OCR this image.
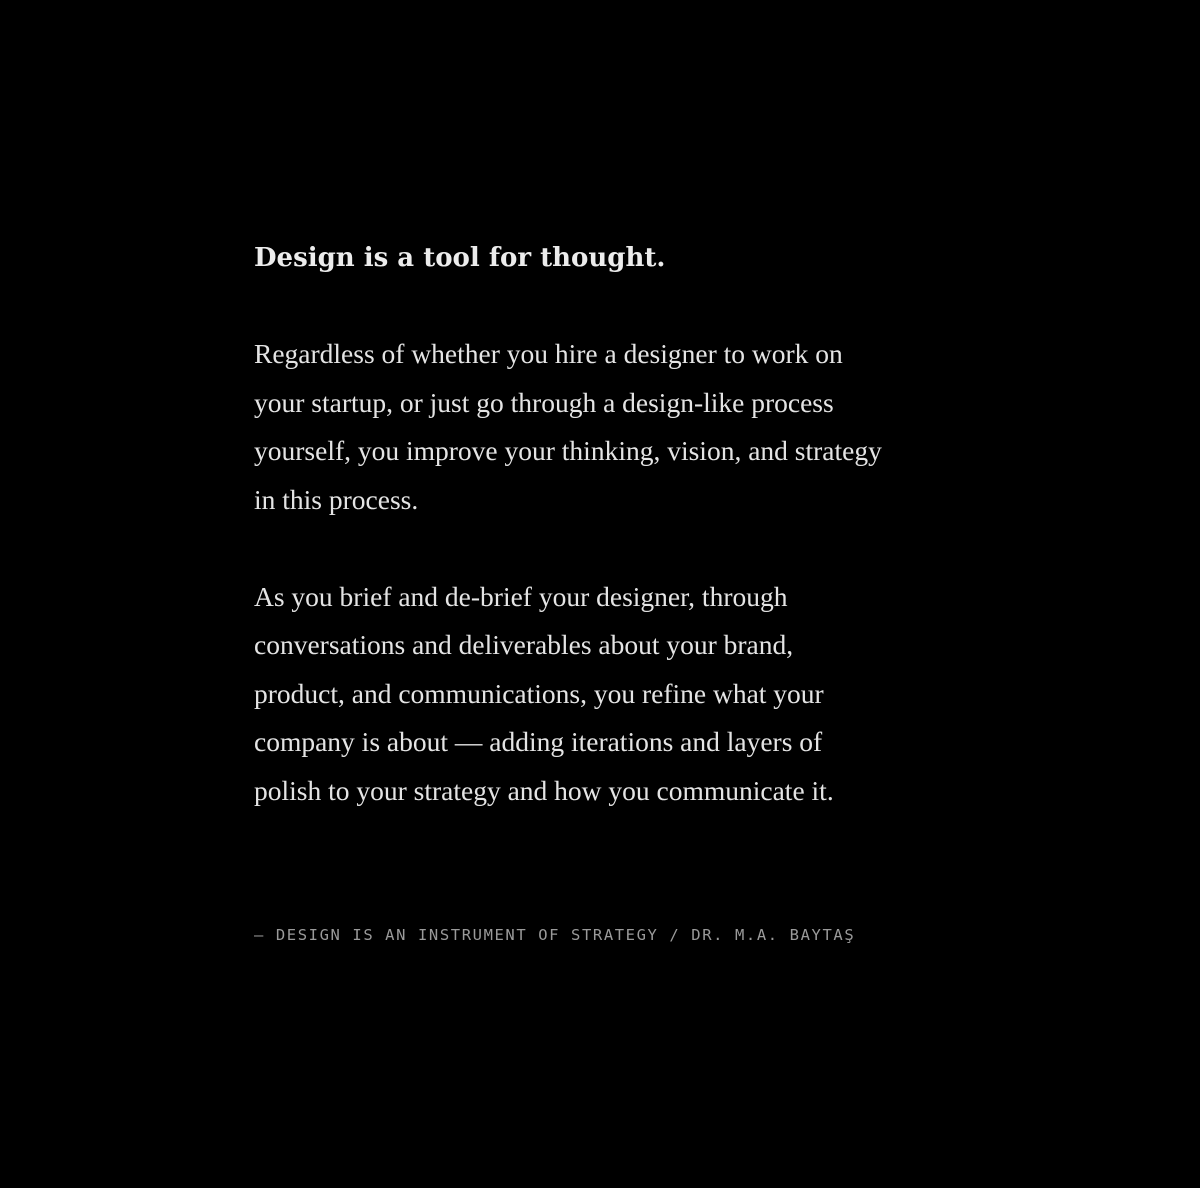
Design is a tool for thought.

Regardless of whether you hire a designer to work on
your startup, or just go through a design-like process
yourself, you improve your thinking, vision, and strategy
in this process.

As you brief and de-brief your designer, through
conversations and deliverables about your brand,
product, and communications, you refine what your
company is about — adding iterations and layers of
polish to your strategy and how you communicate it.

— DESIGN IS AN INSTRUMENT OF STRATEGY / DR. M.A. BAYTAŞ
